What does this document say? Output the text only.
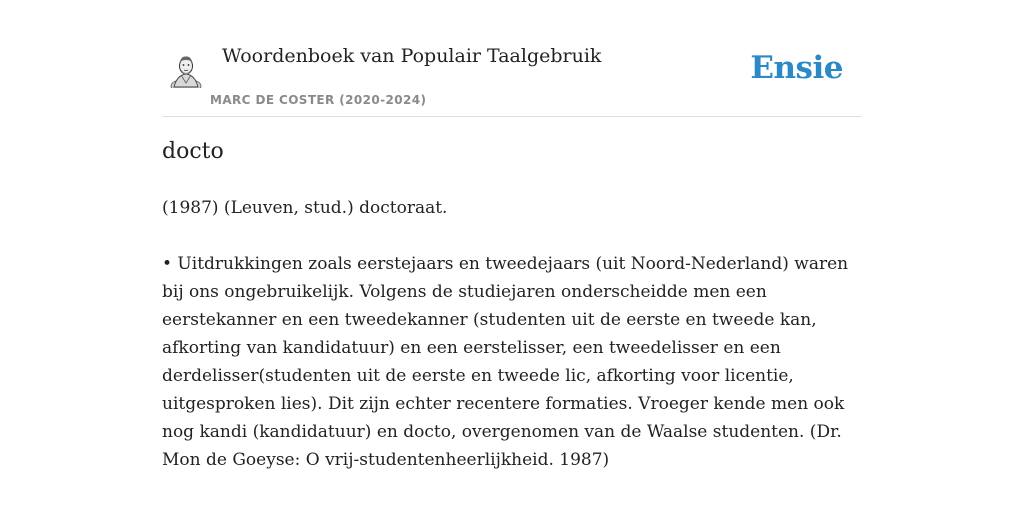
Woordenboek van Populair Taalgebruik
MARC DE COSTER (2020-2024)
Ensie
docto
(1987) (Leuven, stud.) doctoraat.
• Uitdrukkingen zoals eerstejaars en tweedejaars (uit Noord-Nederland) waren bij ons ongebruikelijk. Volgens de studiejaren onderscheidde men een eerstekanner en een tweedekanner (studenten uit de eerste en tweede kan, afkorting van kandidatuur) en een eerstelisser, een tweedelisser en een derdelisser(studenten uit de eerste en tweede lic, afkorting voor licentie, uitgesproken lies). Dit zijn echter recentere formaties. Vroeger kende men ook nog kandi (kandidatuur) en docto, overgenomen van de Waalse studenten. (Dr. Mon de Goeyse: O vrij-studentenheerlijkheid. 1987)
